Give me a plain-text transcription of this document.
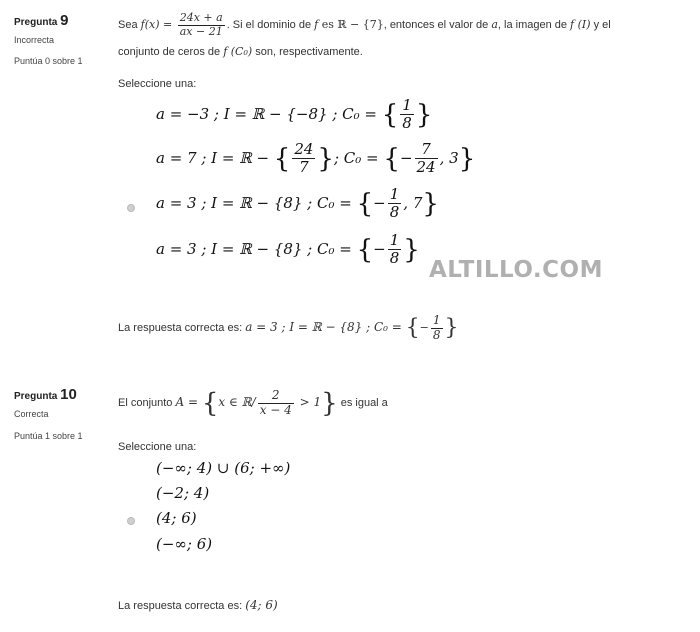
Pregunta 9
Incorrecta
Puntúa 0 sobre 1
Sea $f(x) = \frac{24x + a}{ax - 21}$ . Si el dominio de f es ℝ − {7}, entonces el valor de a, la imagen de f (I) y el
conjunto de ceros de f (C₀) son, respectivamente.
Seleccione una:
a = −3 ; I = ℝ − {−8} ; C₀ = { $\frac{1}{8}$ }
a = 7 ; I = ℝ − { $\frac{24}{7}$ }; C₀ = {− $\frac{7}{24}$ , 3}
a = 3 ; I = ℝ − {8} ; C₀ = {− $\frac{1}{8}$ , 7}
a = 3 ; I = ℝ − {8} ; C₀ = {− $\frac{1}{8}$ }
ALTILLO.COM
La respuesta correcta es: a = 3 ; I = ℝ − {8} ; C₀ = {− $\frac{1}{8}$ }
Pregunta 10
Correcta
Puntúa 1 sobre 1
El conjunto A = {x ∈ ℝ/ $\frac{2}{x - 4} > 1$} es igual a
Seleccione una:
(−∞; 4) ∪ (6; +∞)
(−2; 4)
(4; 6)
(−∞; 6)
La respuesta correcta es: (4; 6)
